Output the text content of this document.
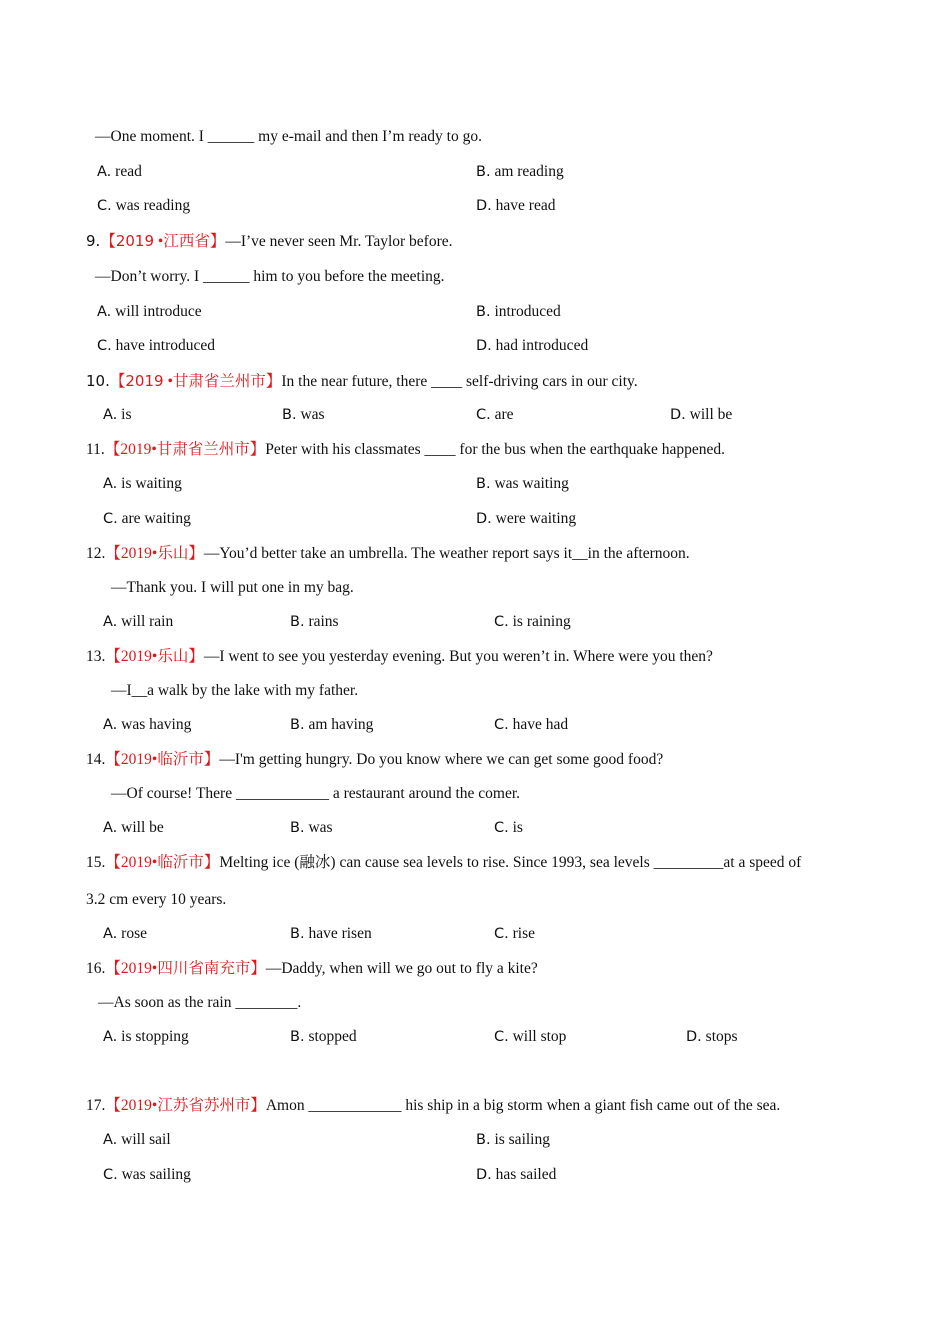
—One moment. I ______ my e-mail and then I’m ready to go.
A. read	B. am reading
C. was reading	D. have read
9.【2019 •江西省】—I’ve never seen Mr. Taylor before.
—Don’t worry. I ______ him to you before the meeting.
A. will introduce	B. introduced
C. have introduced	D. had introduced
10.【2019 •甘肃省兰州市】In the near future, there ____ self-driving cars in our city.
A. is	B. was	C. are	D. will be
11.【2019•甘肃省兰州市】Peter with his classmates ____ for the bus when the earthquake happened.
A. is waiting	B. was waiting
C. are waiting	D. were waiting
12.【2019•乐山】—You’d better take an umbrella. The weather report says it__in the afternoon.
—Thank you. I will put one in my bag.
A. will rain	B. rains	C. is raining
13.【2019•乐山】—I went to see you yesterday evening. But you weren’t in. Where were you then?
—I__a walk by the lake with my father.
A. was having	B. am having	C. have had
14.【2019•临沂市】—I'm getting hungry. Do you know where we can get some good food?
—Of course! There ____________ a restaurant around the comer.
A. will be	B. was	C. is
15.【2019•临沂市】Melting ice (融冰) can cause sea levels to rise. Since 1993, sea levels _________at a speed of
3.2 cm every 10 years.
A. rose	B. have risen	C. rise
16.【2019•四川省南充市】—Daddy, when will we go out to fly a kite?
—As soon as the rain ________.
A. is stopping	B. stopped	C. will stop	D. stops
17.【2019•江苏省苏州市】Amon ____________ his ship in a big storm when a giant fish came out of the sea.
A. will sail	B. is sailing
C. was sailing	D. has sailed
